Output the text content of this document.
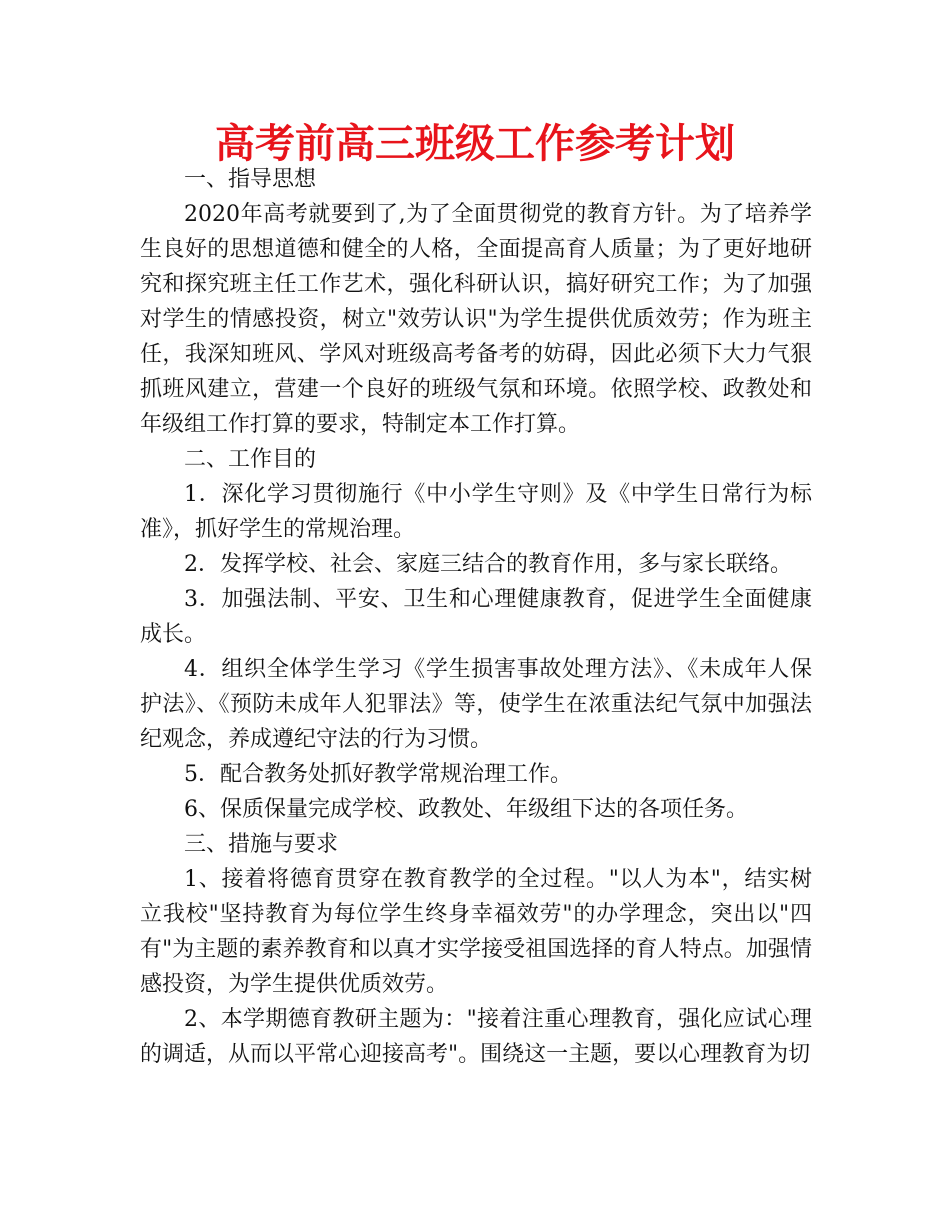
高考前高三班级工作参考计划

一、指导思想

2020年高考就要到了,为了全面贯彻党的教育方针。为了培养学生良好的思想道德和健全的人格，全面提高育人质量；为了更好地研究和探究班主任工作艺术，强化科研认识，搞好研究工作；为了加强对学生的情感投资，树立"效劳认识"为学生提供优质效劳；作为班主任，我深知班风、学风对班级高考备考的妨碍，因此必须下大力气狠抓班风建立，营建一个良好的班级气氛和环境。依照学校、政教处和年级组工作打算的要求，特制定本工作打算。

二、工作目的

1．深化学习贯彻施行《中小学生守则》及《中学生日常行为标准》，抓好学生的常规治理。

2．发挥学校、社会、家庭三结合的教育作用，多与家长联络。

3．加强法制、平安、卫生和心理健康教育，促进学生全面健康成长。

4．组织全体学生学习《学生损害事故处理方法》、《未成年人保护法》、《预防未成年人犯罪法》等，使学生在浓重法纪气氛中加强法纪观念，养成遵纪守法的行为习惯。

5．配合教务处抓好教学常规治理工作。

6、保质保量完成学校、政教处、年级组下达的各项任务。

三、措施与要求

1、接着将德育贯穿在教育教学的全过程。"以人为本"，结实树立我校"坚持教育为每位学生终身幸福效劳"的办学理念，突出以"四有"为主题的素养教育和以真才实学接受祖国选择的育人特点。加强情感投资，为学生提供优质效劳。

2、本学期德育教研主题为："接着注重心理教育，强化应试心理的调适，从而以平常心迎接高考"。围绕这一主题，要以心理教育为切
